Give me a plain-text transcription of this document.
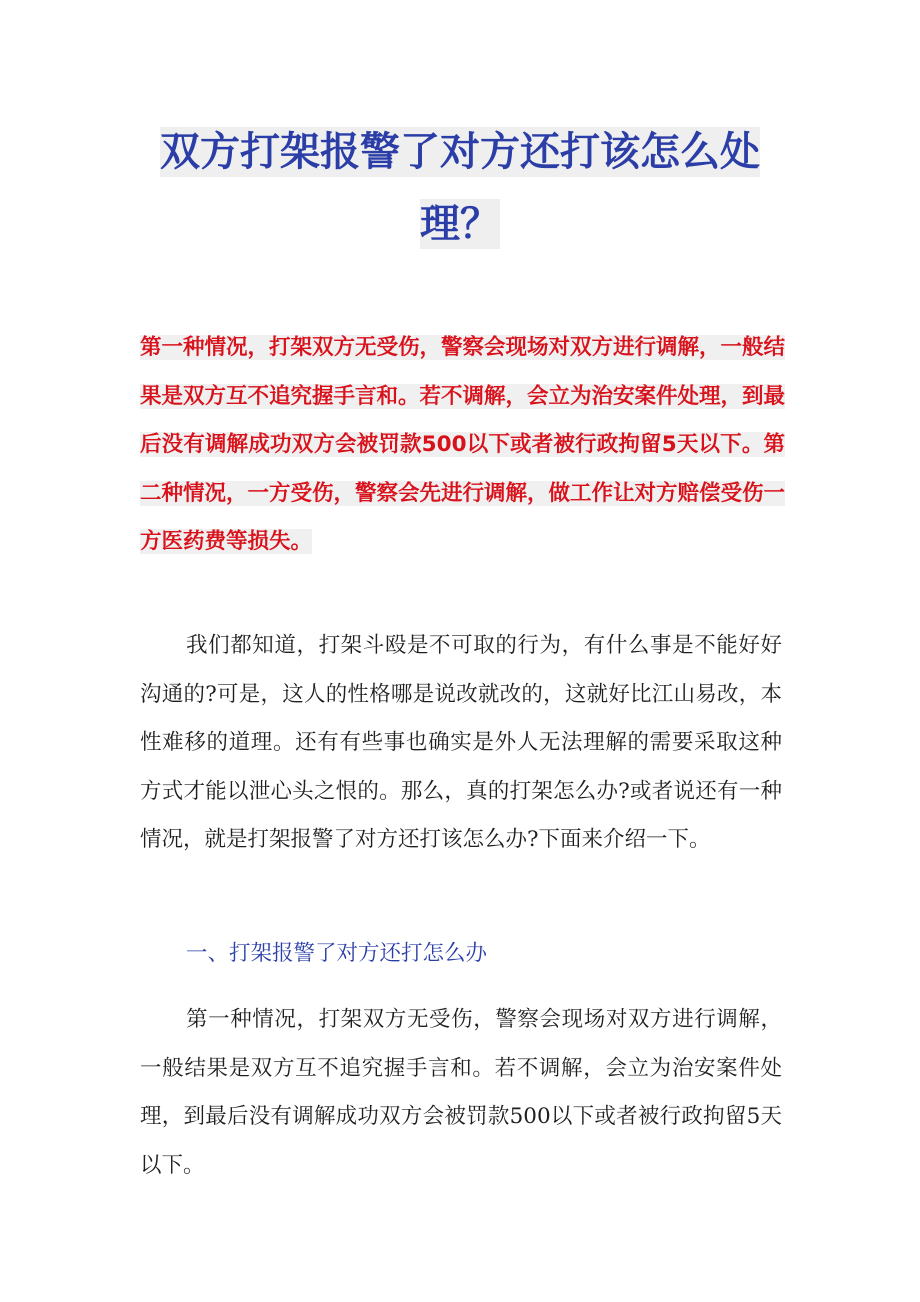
双方打架报警了对方还打该怎么处理？
第一种情况，打架双方无受伤，警察会现场对双方进行调解，一般结果是双方互不追究握手言和。若不调解，会立为治安案件处理，到最后没有调解成功双方会被罚款500以下或者被行政拘留5天以下。第二种情况，一方受伤，警察会先进行调解，做工作让对方赔偿受伤一方医药费等损失。

我们都知道，打架斗殴是不可取的行为，有什么事是不能好好沟通的?可是，这人的性格哪是说改就改的，这就好比江山易改，本性难移的道理。还有有些事也确实是外人无法理解的需要采取这种方式才能以泄心头之恨的。那么，真的打架怎么办?或者说还有一种情况，就是打架报警了对方还打该怎么办?下面来介绍一下。

一、打架报警了对方还打怎么办

第一种情况，打架双方无受伤，警察会现场对双方进行调解，一般结果是双方互不追究握手言和。若不调解，会立为治安案件处理，到最后没有调解成功双方会被罚款500以下或者被行政拘留5天以下。
